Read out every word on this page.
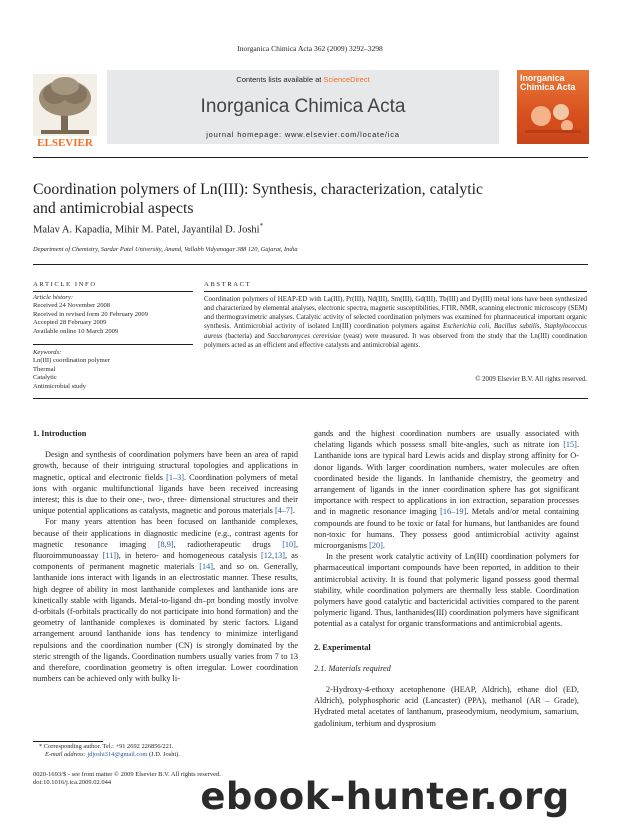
Inorganica Chimica Acta 362 (2009) 3292–3298
ELSEVIER
Contents lists available at ScienceDirect
Inorganica Chimica Acta
journal homepage: www.elsevier.com/locate/ica
Inorganica Chimica Acta
Coordination polymers of Ln(III): Synthesis, characterization, catalytic
and antimicrobial aspects
Malav A. Kapadia, Mihir M. Patel, Jayantilal D. Joshi*
Department of Chemistry, Sardar Patel University, Anand, Vallabh Vidyanagar 388 120, Gujarat, India
ARTICLE INFO	ABSTRACT
Article history:
Received 24 November 2008
Received in revised form 20 February 2009
Accepted 28 February 2009
Available online 10 March 2009
Keywords:
Ln(III) coordination polymer
Thermal
Catalytic
Antimicrobial study
Coordination polymers of HEAP-ED with La(III), Pr(III), Nd(III), Sm(III), Gd(III), Tb(III) and Dy(III) metal ions have been synthesized and characterized by elemental analyses, electronic spectra, magnetic susceptibilities, FTIR, NMR, scanning electronic microscopy (SEM) and thermogravimetric analyses. Catalytic activity of selected coordination polymers was examined for pharmaceutical important organic synthesis. Antimicrobial activity of isolated Ln(III) coordination polymers against Escherichia coli, Bacillus subtilis, Staphylococcus aureus (bacteria) and Saccharomyces cerevisiae (yeast) were measured. It was observed from the study that the Ln(III) coordination polymers acted as an efficient and effective catalysts and antimicrobial agents.
© 2009 Elsevier B.V. All rights reserved.
1. Introduction

Design and synthesis of coordination polymers have been an area of rapid growth, because of their intriguing structural topologies and applications in magnetic, optical and electronic fields [1–3]. Coordination polymers of metal ions with organic multifunctional ligands have been received increasing interest; this is due to their one-, two-, three- dimensional structures and their unique potential applications as catalysts, magnetic and porous materials [4–7].

For many years attention has been focused on lanthanide complexes, because of their applications in diagnostic medicine (e.g., contrast agents for magnetic resonance imaging [8,9], radiotherapeutic drugs [10], fluoroimmunoassay [11]), in hetero- and homogeneous catalysis [12,13], as components of permanent magnetic materials [14], and so on. Generally, lanthanide ions interact with ligands in an electrostatic manner. These results, high degree of ability in most lanthanide complexes and lanthanide ions are kinetically stable with ligands. Metal-to-ligand dπ–pπ bonding mostly involve d-orbitals (f-orbitals practically do not participate into bond formation) and the geometry of lanthanide complexes is dominated by steric factors. Ligand arrangement around lanthanide ions has tendency to minimize interligand repulsions and the coordination number (CN) is strongly dominated by the steric strength of the ligands. Coordination numbers usually varies from 7 to 13 and therefore, coordination geometry is often irregular. Lower coordination numbers can be achieved only with bulky li-

gands and the highest coordination numbers are usually associated with chelating ligands which possess small bite-angles, such as nitrate ion [15]. Lanthanide ions are typical hard Lewis acids and display strong affinity for O-donor ligands. With larger coordination numbers, water molecules are often coordinated beside the ligands. In lanthanide chemistry, the geometry and arrangement of ligands in the inner coordination sphere has got significant importance with respect to applications in ion extraction, separation processes and in magnetic resonance imaging [16–19]. Metals and/or metal containing compounds are found to be toxic or fatal for humans, but lanthanides are found non-toxic for humans. They possess good antimicrobial activity against microorganisms [20].

In the present work catalytic activity of Ln(III) coordination polymers for pharmaceutical important compounds have been reported, in addition to their antimicrobial activity. It is found that polymeric ligand possess good thermal stability, while coordination polymers are thermally less stable. Coordination polymers have good catalytic and bactericidal activities compared to the parent polymeric ligand. Thus, lanthanides(III) coordination polymers have significant potential as a catalyst for organic transformations and antimicrobial agents.

2. Experimental
2.1. Materials required

2-Hydroxy-4-ethoxy acetophenone (HEAP, Aldrich), ethane diol (ED, Aldrich), polyphosphoric acid (Lancaster) (PPA), methanol (AR – Grade), Hydrated metal acetates of lanthanum, praseodymium, neodymium, samarium, gadolinium, terbium and dysprosium

* Corresponding author. Tel.: +91 2692 226856/221.
E-mail address: jdjoshi314@gmail.com (J.D. Joshi).
0020-1693/$ - see front matter © 2009 Elsevier B.V. All rights reserved.
doi:10.1016/j.ica.2009.02.044	ebook-hunter.org
